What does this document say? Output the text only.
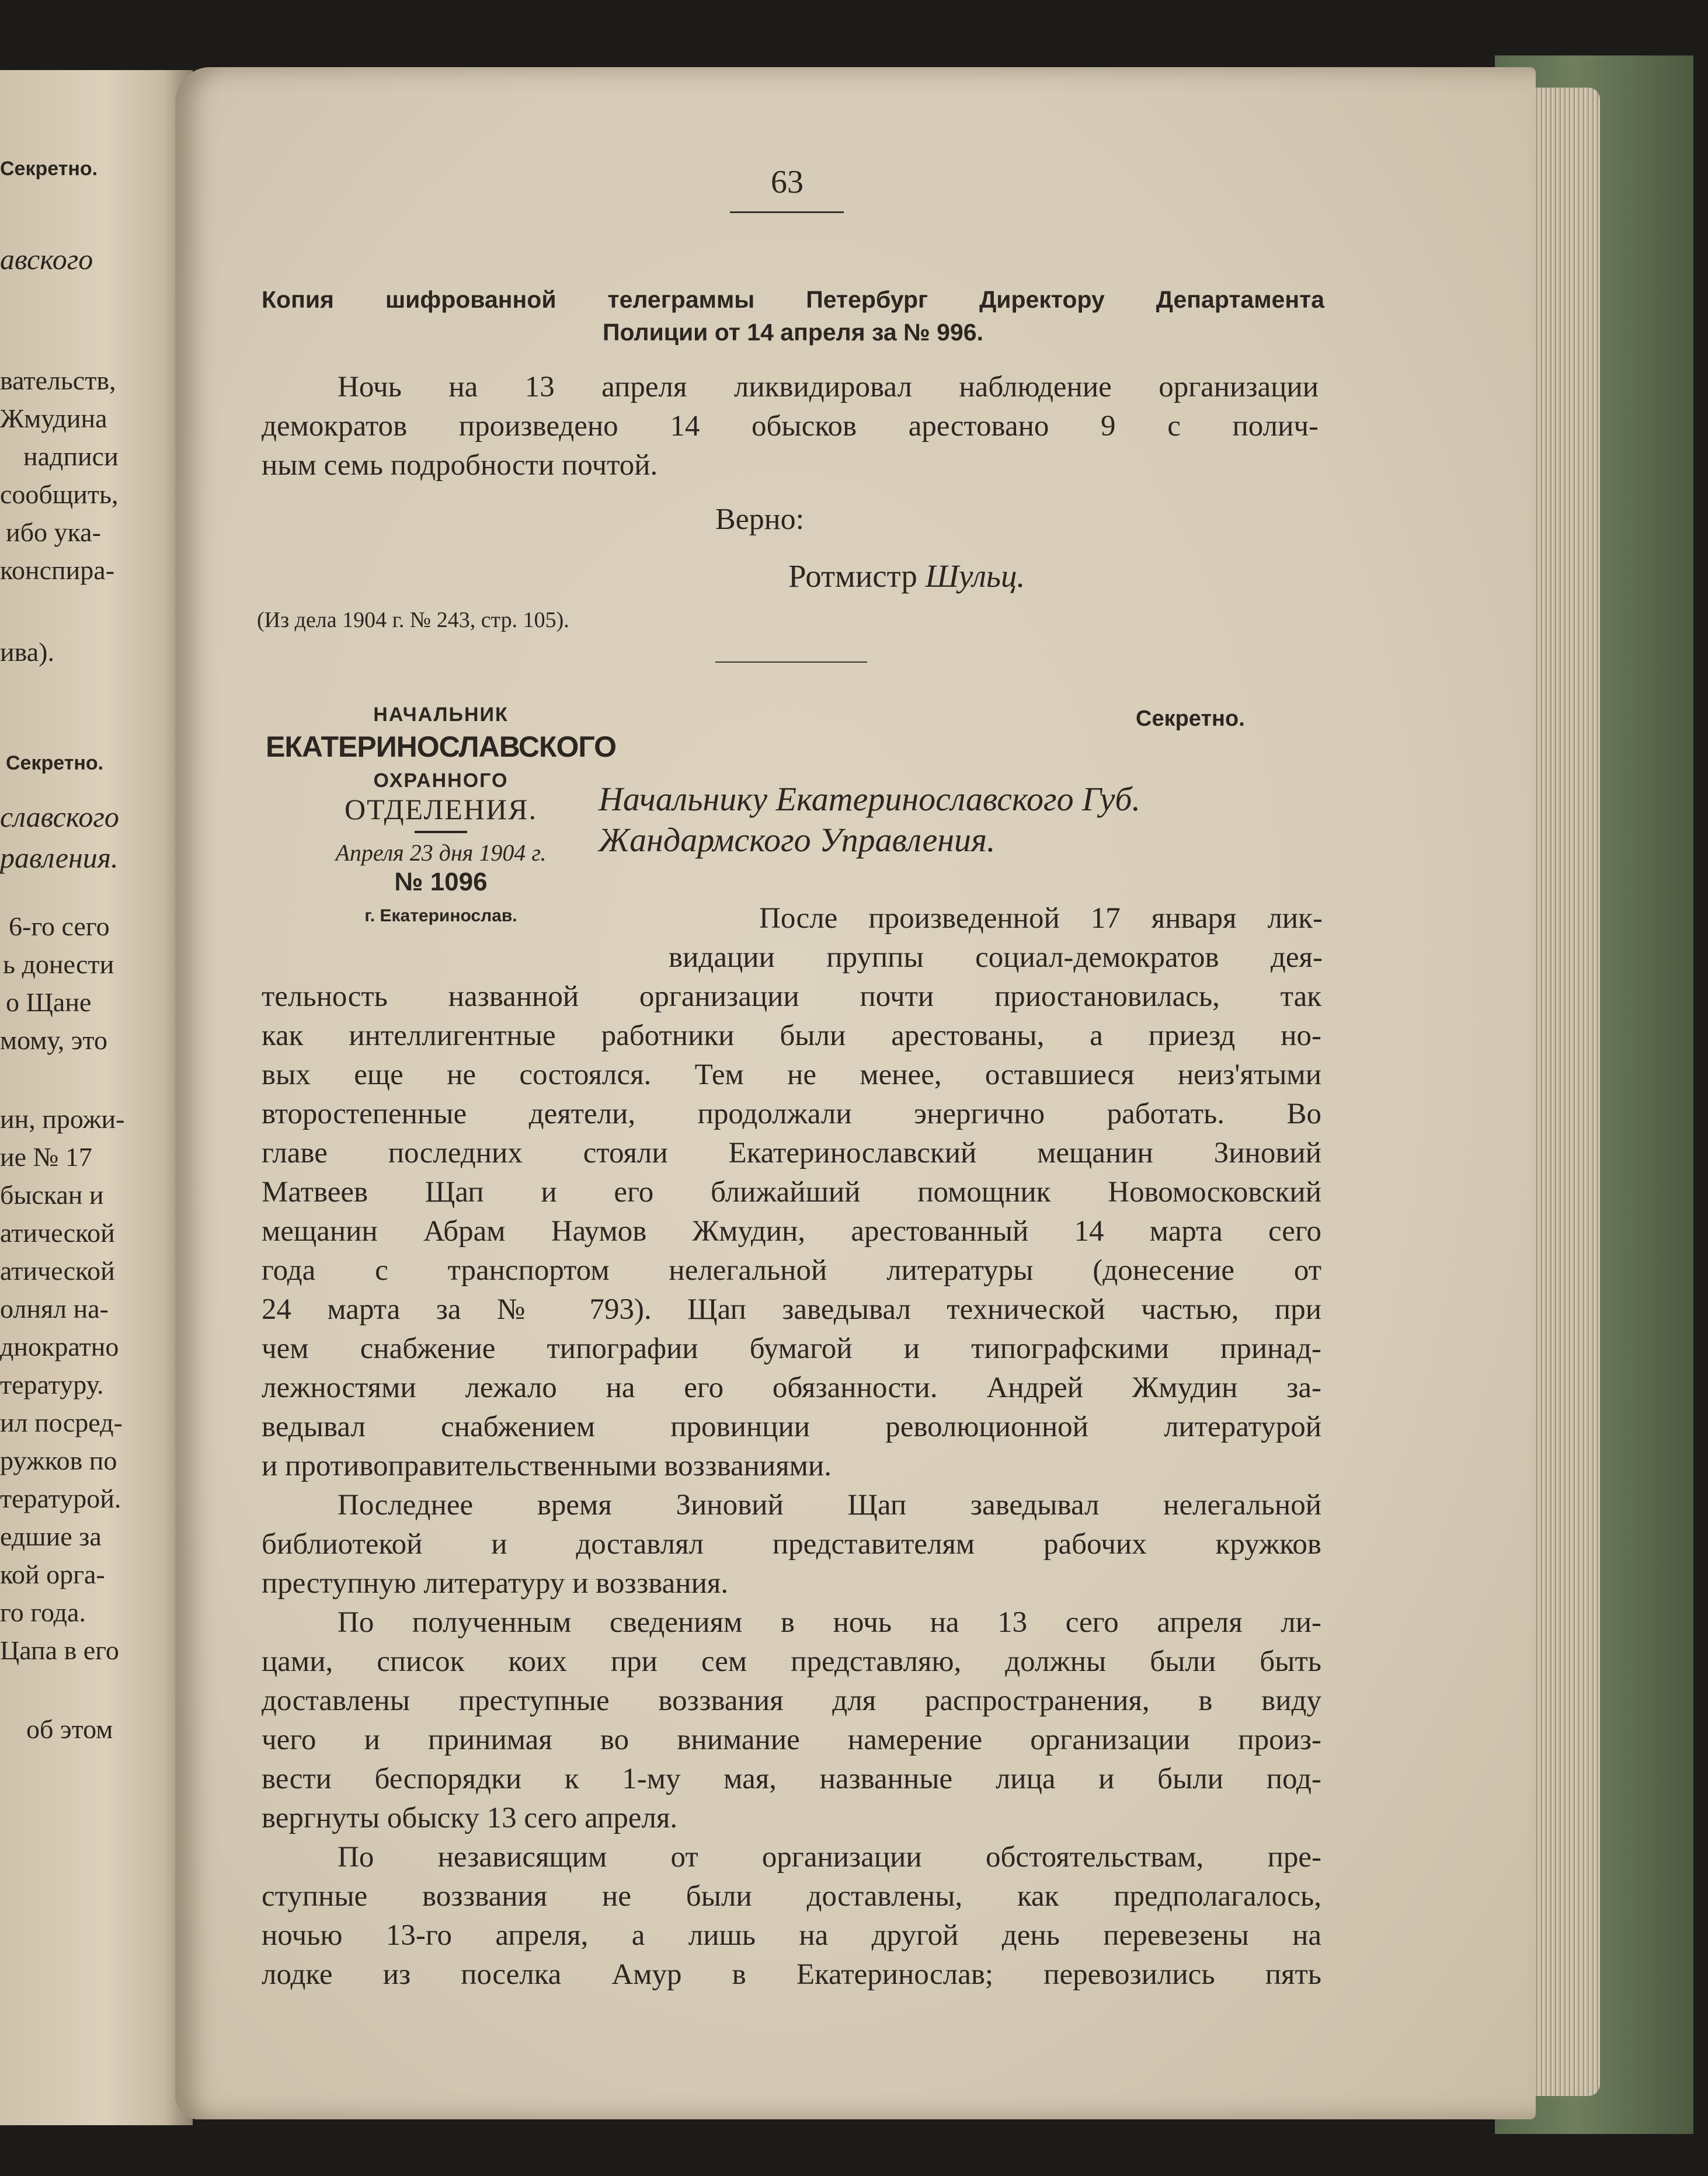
Секретно.
авского
вательств,
Жмудина
надписи
сообщить,
ибо ука-
конспира-
ива).
Секретно.
славского
равления.
6-го сего
ь донести
о Щане
мому, это
ин, прожи-
ие № 17
быскан и
атической
атической
олнял на-
днократно
тературу.
ил посред-
ружков по
тературой.
едшие за
кой орга-
го года.
Цапа в его
об этом
63
Копия шифрованной телеграммы Петербург Директору Департамента
Полиции от 14 апреля за № 996.
Ночь на 13 апреля ликвидировал наблюдение организации
демократов произведено 14 обысков арестовано 9 с полич-
ным семь подробности почтой.
Верно:
Ротмистр Шульц.
(Из дела 1904 г. № 243, стр. 105).
НАЧАЛЬНИК
ЕКАТЕРИНОСЛАВСКОГО
ОХРАННОГО
ОТДЕЛЕНИЯ.
Апреля 23 дня 1904 г.
№ 1096
г. Екатеринослав.
Секретно.
Начальнику Екатеринославского Губ.
Жандармского Управления.
После произведенной 17 января лик-
видации пруппы социал-демократов дея-
тельность названной организации почти приостановилась, так
как интеллигентные работники были арестованы, а приезд но-
вых еще не состоялся. Тем не менее, оставшиеся неиз'ятыми
второстепенные деятели, продолжали энергично работать. Во
главе последних стояли Екатеринославский мещанин Зиновий
Матвеев Щап и его ближайший помощник Новомосковский
мещанин Абрам Наумов Жмудин, арестованный 14 марта сего
года с транспортом нелегальной литературы (донесение от
24 марта за № 793). Щап заведывал технической частью, при
чем снабжение типографии бумагой и типографскими принад-
лежностями лежало на его обязанности. Андрей Жмудин за-
ведывал снабжением провинции революционной литературой
и противоправительственными воззваниями.
Последнее время Зиновий Щап заведывал нелегальной
библиотекой и доставлял представителям рабочих кружков
преступную литературу и воззвания.
По полученным сведениям в ночь на 13 сего апреля ли-
цами, список коих при сем представляю, должны были быть
доставлены преступные воззвания для распространения, в виду
чего и принимая во внимание намерение организации произ-
вести беспорядки к 1-му мая, названные лица и были под-
вергнуты обыску 13 сего апреля.
По независящим от организации обстоятельствам, пре-
ступные воззвания не были доставлены, как предполагалось,
ночью 13-го апреля, а лишь на другой день перевезены на
лодке из поселка Амур в Екатеринослав; перевозились пять
